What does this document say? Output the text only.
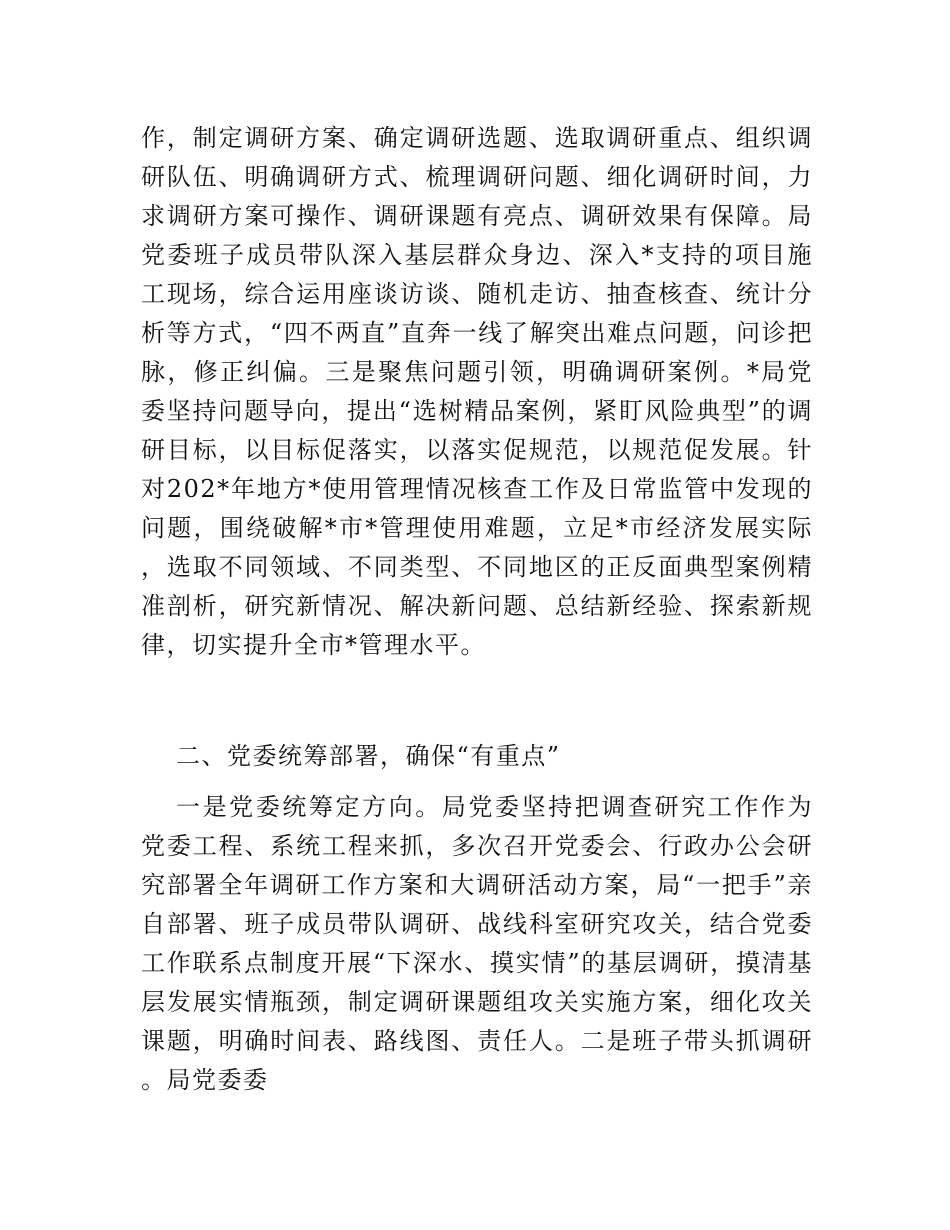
作，制定调研方案、确定调研选题、选取调研重点、组织调研队伍、明确调研方式、梳理调研问题、细化调研时间，力求调研方案可操作、调研课题有亮点、调研效果有保障。局党委班子成员带队深入基层群众身边、深入*支持的项目施工现场，综合运用座谈访谈、随机走访、抽查核查、统计分析等方式，“四不两直”直奔一线了解突出难点问题，问诊把脉，修正纠偏。三是聚焦问题引领，明确调研案例。*局党委坚持问题导向，提出“选树精品案例，紧盯风险典型”的调研目标，以目标促落实，以落实促规范，以规范促发展。针对202*年地方*使用管理情况核查工作及日常监管中发现的问题，围绕破解*市*管理使用难题，立足*市经济发展实际，选取不同领域、不同类型、不同地区的正反面典型案例精准剖析，研究新情况、解决新问题、总结新经验、探索新规律，切实提升全市*管理水平。

二、党委统筹部署，确保“有重点”

一是党委统筹定方向。局党委坚持把调查研究工作作为党委工程、系统工程来抓，多次召开党委会、行政办公会研究部署全年调研工作方案和大调研活动方案，局“一把手”亲自部署、班子成员带队调研、战线科室研究攻关，结合党委工作联系点制度开展“下深水、摸实情”的基层调研，摸清基层发展实情瓶颈，制定调研课题组攻关实施方案，细化攻关课题，明确时间表、路线图、责任人。二是班子带头抓调研。局党委委
